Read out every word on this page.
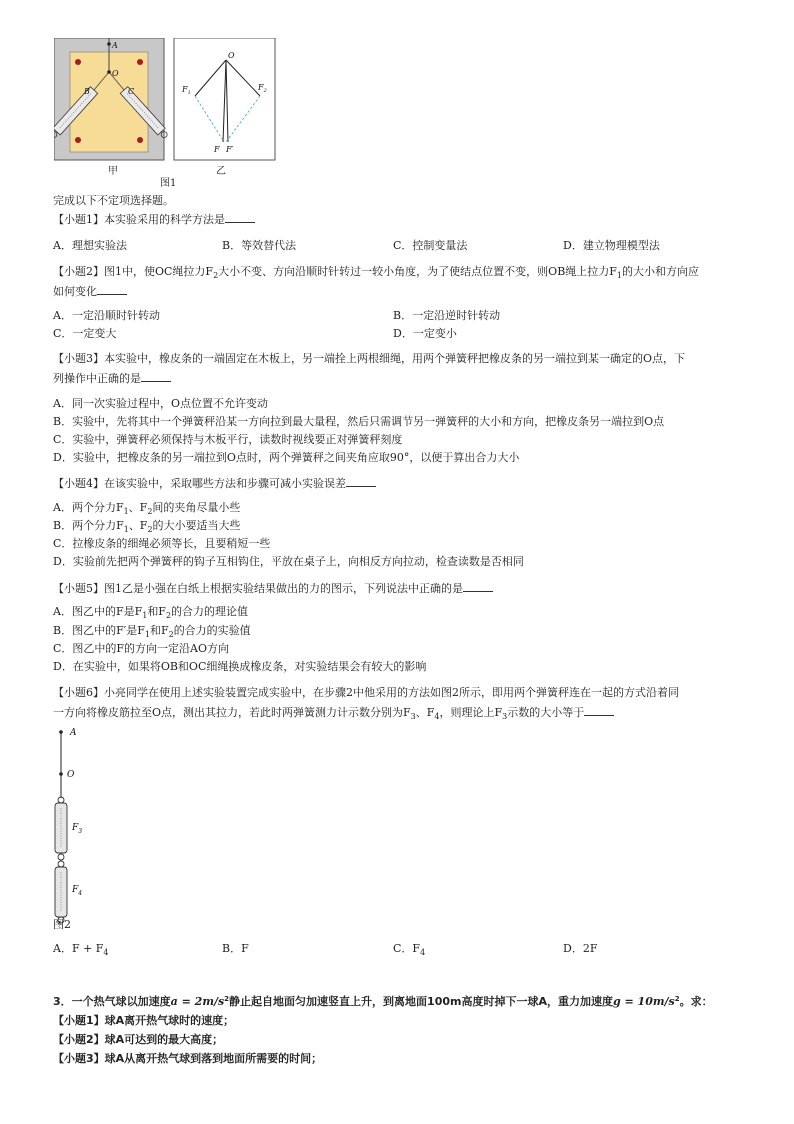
A
O
B	C
O
$F_1$
$F_2$
F F′
甲	乙
图1
完成以下不定项选择题。
【小题1】本实验采用的科学方法是
A．理想实验法	B．等效替代法	C．控制变量法	D．建立物理模型法
【小题2】图1中，使OC绳拉力$F_2$大小不变、方向沿顺时针转过一较小角度，为了使结点位置不变，则OB绳上拉力$F_1$的大小和方向应
如何变化
A．一定沿顺时针转动	B．一定沿逆时针转动
C．一定变大	D．一定变小
【小题3】本实验中，橡皮条的一端固定在木板上，另一端拴上两根细绳，用两个弹簧秤把橡皮条的另一端拉到某一确定的O点，下
列操作中正确的是
A．同一次实验过程中，O点位置不允许变动
B．实验中，先将其中一个弹簧秤沿某一方向拉到最大量程，然后只需调节另一弹簧秤的大小和方向，把橡皮条另一端拉到O点
C．实验中，弹簧秤必须保持与木板平行，读数时视线要正对弹簧秤刻度
D．实验中，把橡皮条的另一端拉到O点时，两个弹簧秤之间夹角应取90°，以便于算出合力大小
【小题4】在该实验中，采取哪些方法和步骤可减小实验误差
A．两个分力$F_1$、$F_2$间的夹角尽量小些
B．两个分力$F_1$、$F_2$的大小要适当大些
C．拉橡皮条的细绳必须等长，且要稍短一些
D．实验前先把两个弹簧秤的钩子互相钩住，平放在桌子上，向相反方向拉动，检查读数是否相同
【小题5】图1乙是小强在白纸上根据实验结果做出的力的图示，下列说法中正确的是
A．图乙中的F是$F_1$和$F_2$的合力的理论值
B．图乙中的F′是$F_1$和$F_2$的合力的实验值
C．图乙中的F的方向一定沿AO方向
D．在实验中，如果将OB和OC细绳换成橡皮条，对实验结果会有较大的影响
【小题6】小亮同学在使用上述实验装置完成实验中，在步骤2中他采用的方法如图2所示，即用两个弹簧秤连在一起的方式沿着同
一方向将橡皮筋拉至O点，测出其拉力，若此时两弹簧测力计示数分别为$F_3$、$F_4$，则理论上$F_3$示数的大小等于
A
O
$F_3$
$F_4$
图2
A．$F + F_4$	B．F	C．$F_4$	D．2F
3．一个热气球以加速度$a = 2m/s^2$静止起自地面匀加速竖直上升，到离地面100m高度时掉下一球A，重力加速度$g = 10m/s^2$。求：
【小题1】球A离开热气球时的速度；
【小题2】球A可达到的最大高度；
【小题3】球A从离开热气球到落到地面所需要的时间；
